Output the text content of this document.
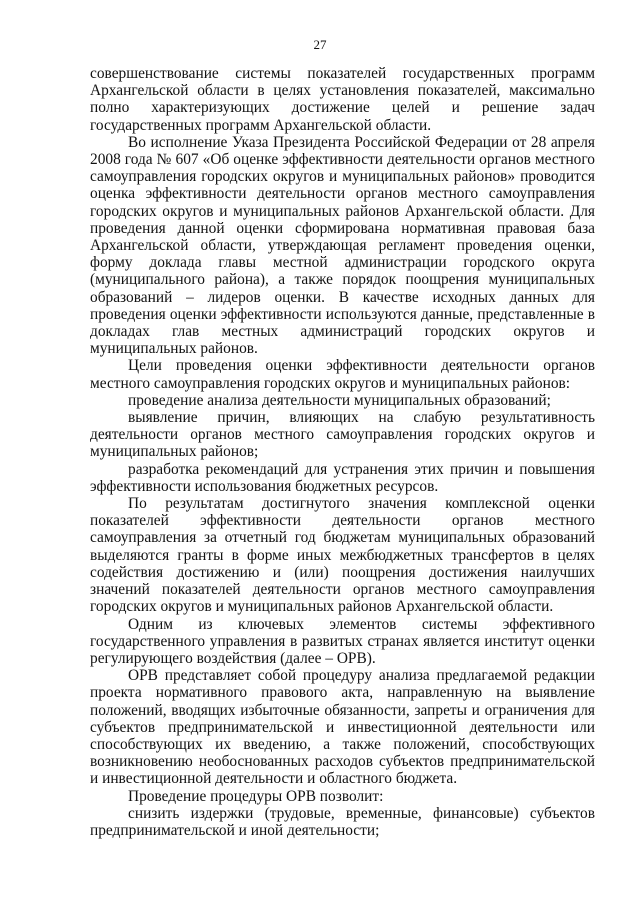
27

совершенствование системы показателей государственных программ Архангельской области в целях установления показателей, максимально полно характеризующих достижение целей и решение задач государственных программ Архангельской области.

Во исполнение Указа Президента Российской Федерации от 28 апреля 2008 года № 607 «Об оценке эффективности деятельности органов местного самоуправления городских округов и муниципальных районов» проводится оценка эффективности деятельности органов местного самоуправления городских округов и муниципальных районов Архангельской области. Для проведения данной оценки сформирована нормативная правовая база Архангельской области, утверждающая регламент проведения оценки, форму доклада главы местной администрации городского округа (муниципального района), а также порядок поощрения муниципальных образований – лидеров оценки. В качестве исходных данных для проведения оценки эффективности используются данные, представленные в докладах глав местных администраций городских округов и муниципальных районов.

Цели проведения оценки эффективности деятельности органов местного самоуправления городских округов и муниципальных районов:

проведение анализа деятельности муниципальных образований;

выявление причин, влияющих на слабую результативность деятельности органов местного самоуправления городских округов и муниципальных районов;

разработка рекомендаций для устранения этих причин и повышения эффективности использования бюджетных ресурсов.

По результатам достигнутого значения комплексной оценки показателей эффективности деятельности органов местного самоуправления за отчетный год бюджетам муниципальных образований выделяются гранты в форме иных межбюджетных трансфертов в целях содействия достижению и (или) поощрения достижения наилучших значений показателей деятельности органов местного самоуправления городских округов и муниципальных районов Архангельской области.

Одним из ключевых элементов системы эффективного государственного управления в развитых странах является институт оценки регулирующего воздействия (далее – ОРВ).

ОРВ представляет собой процедуру анализа предлагаемой редакции проекта нормативного правового акта, направленную на выявление положений, вводящих избыточные обязанности, запреты и ограничения для субъектов предпринимательской и инвестиционной деятельности или способствующих их введению, а также положений, способствующих возникновению необоснованных расходов субъектов предпринимательской и инвестиционной деятельности и областного бюджета.

Проведение процедуры ОРВ позволит:

снизить издержки (трудовые, временные, финансовые) субъектов предпринимательской и иной деятельности;
